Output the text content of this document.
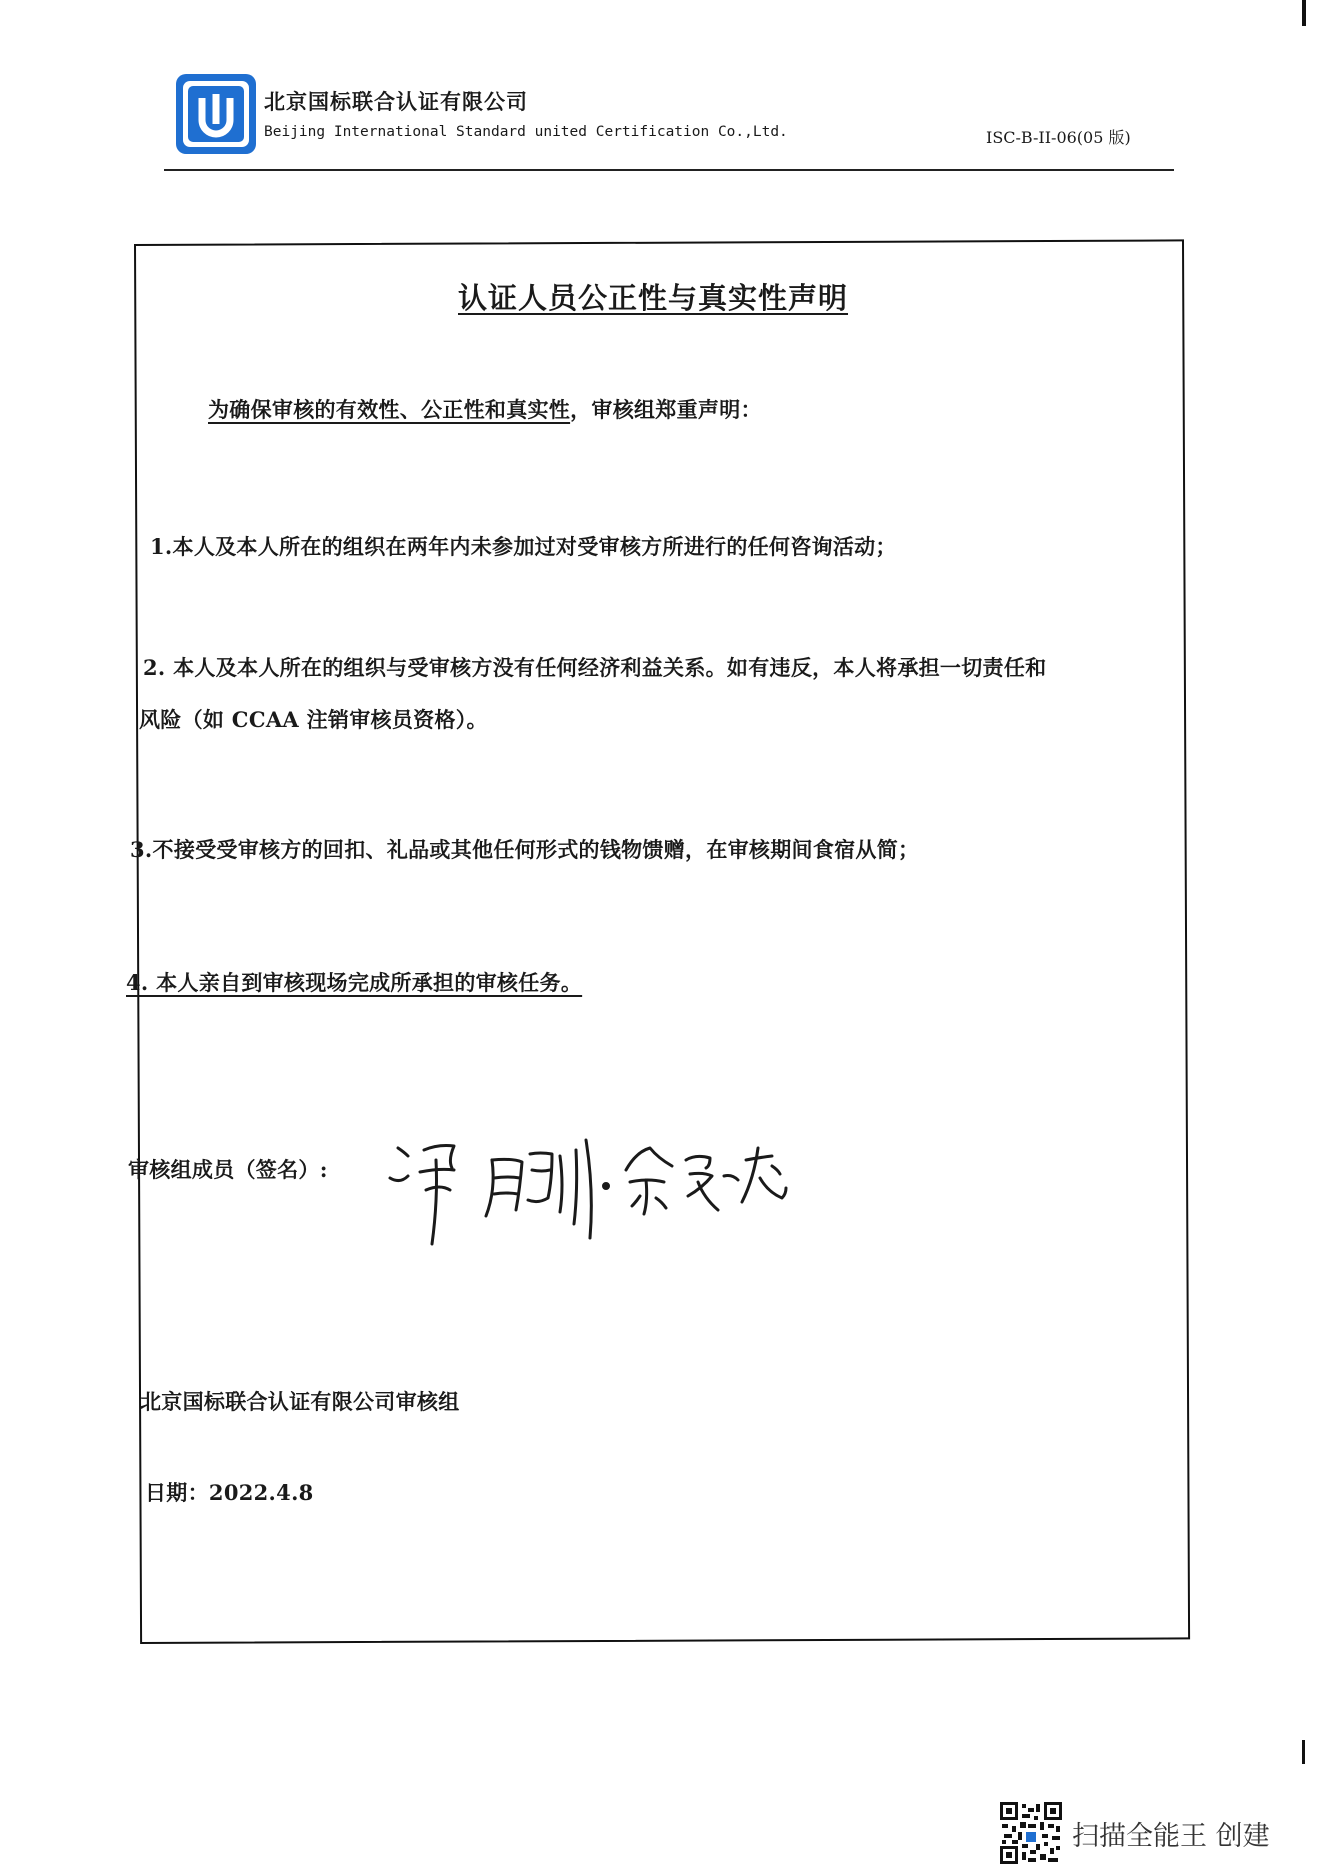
北京国标联合认证有限公司
Beijing International Standard united Certification Co.,Ltd.	ISC-B-II-06(05 版)
认证人员公正性与真实性声明
为确保审核的有效性、公正性和真实性，审核组郑重声明：
1.本人及本人所在的组织在两年内未参加过对受审核方所进行的任何咨询活动；
2. 本人及本人所在的组织与受审核方没有任何经济利益关系。如有违反，本人将承担一切责任和
风险（如 CCAA 注销审核员资格）。
3.不接受受审核方的回扣、礼品或其他任何形式的钱物馈赠，在审核期间食宿从简；
4. 本人亲自到审核现场完成所承担的审核任务。
审核组成员（签名）:
北京国标联合认证有限公司审核组
日期：2022.4.8
扫描全能王 创建
